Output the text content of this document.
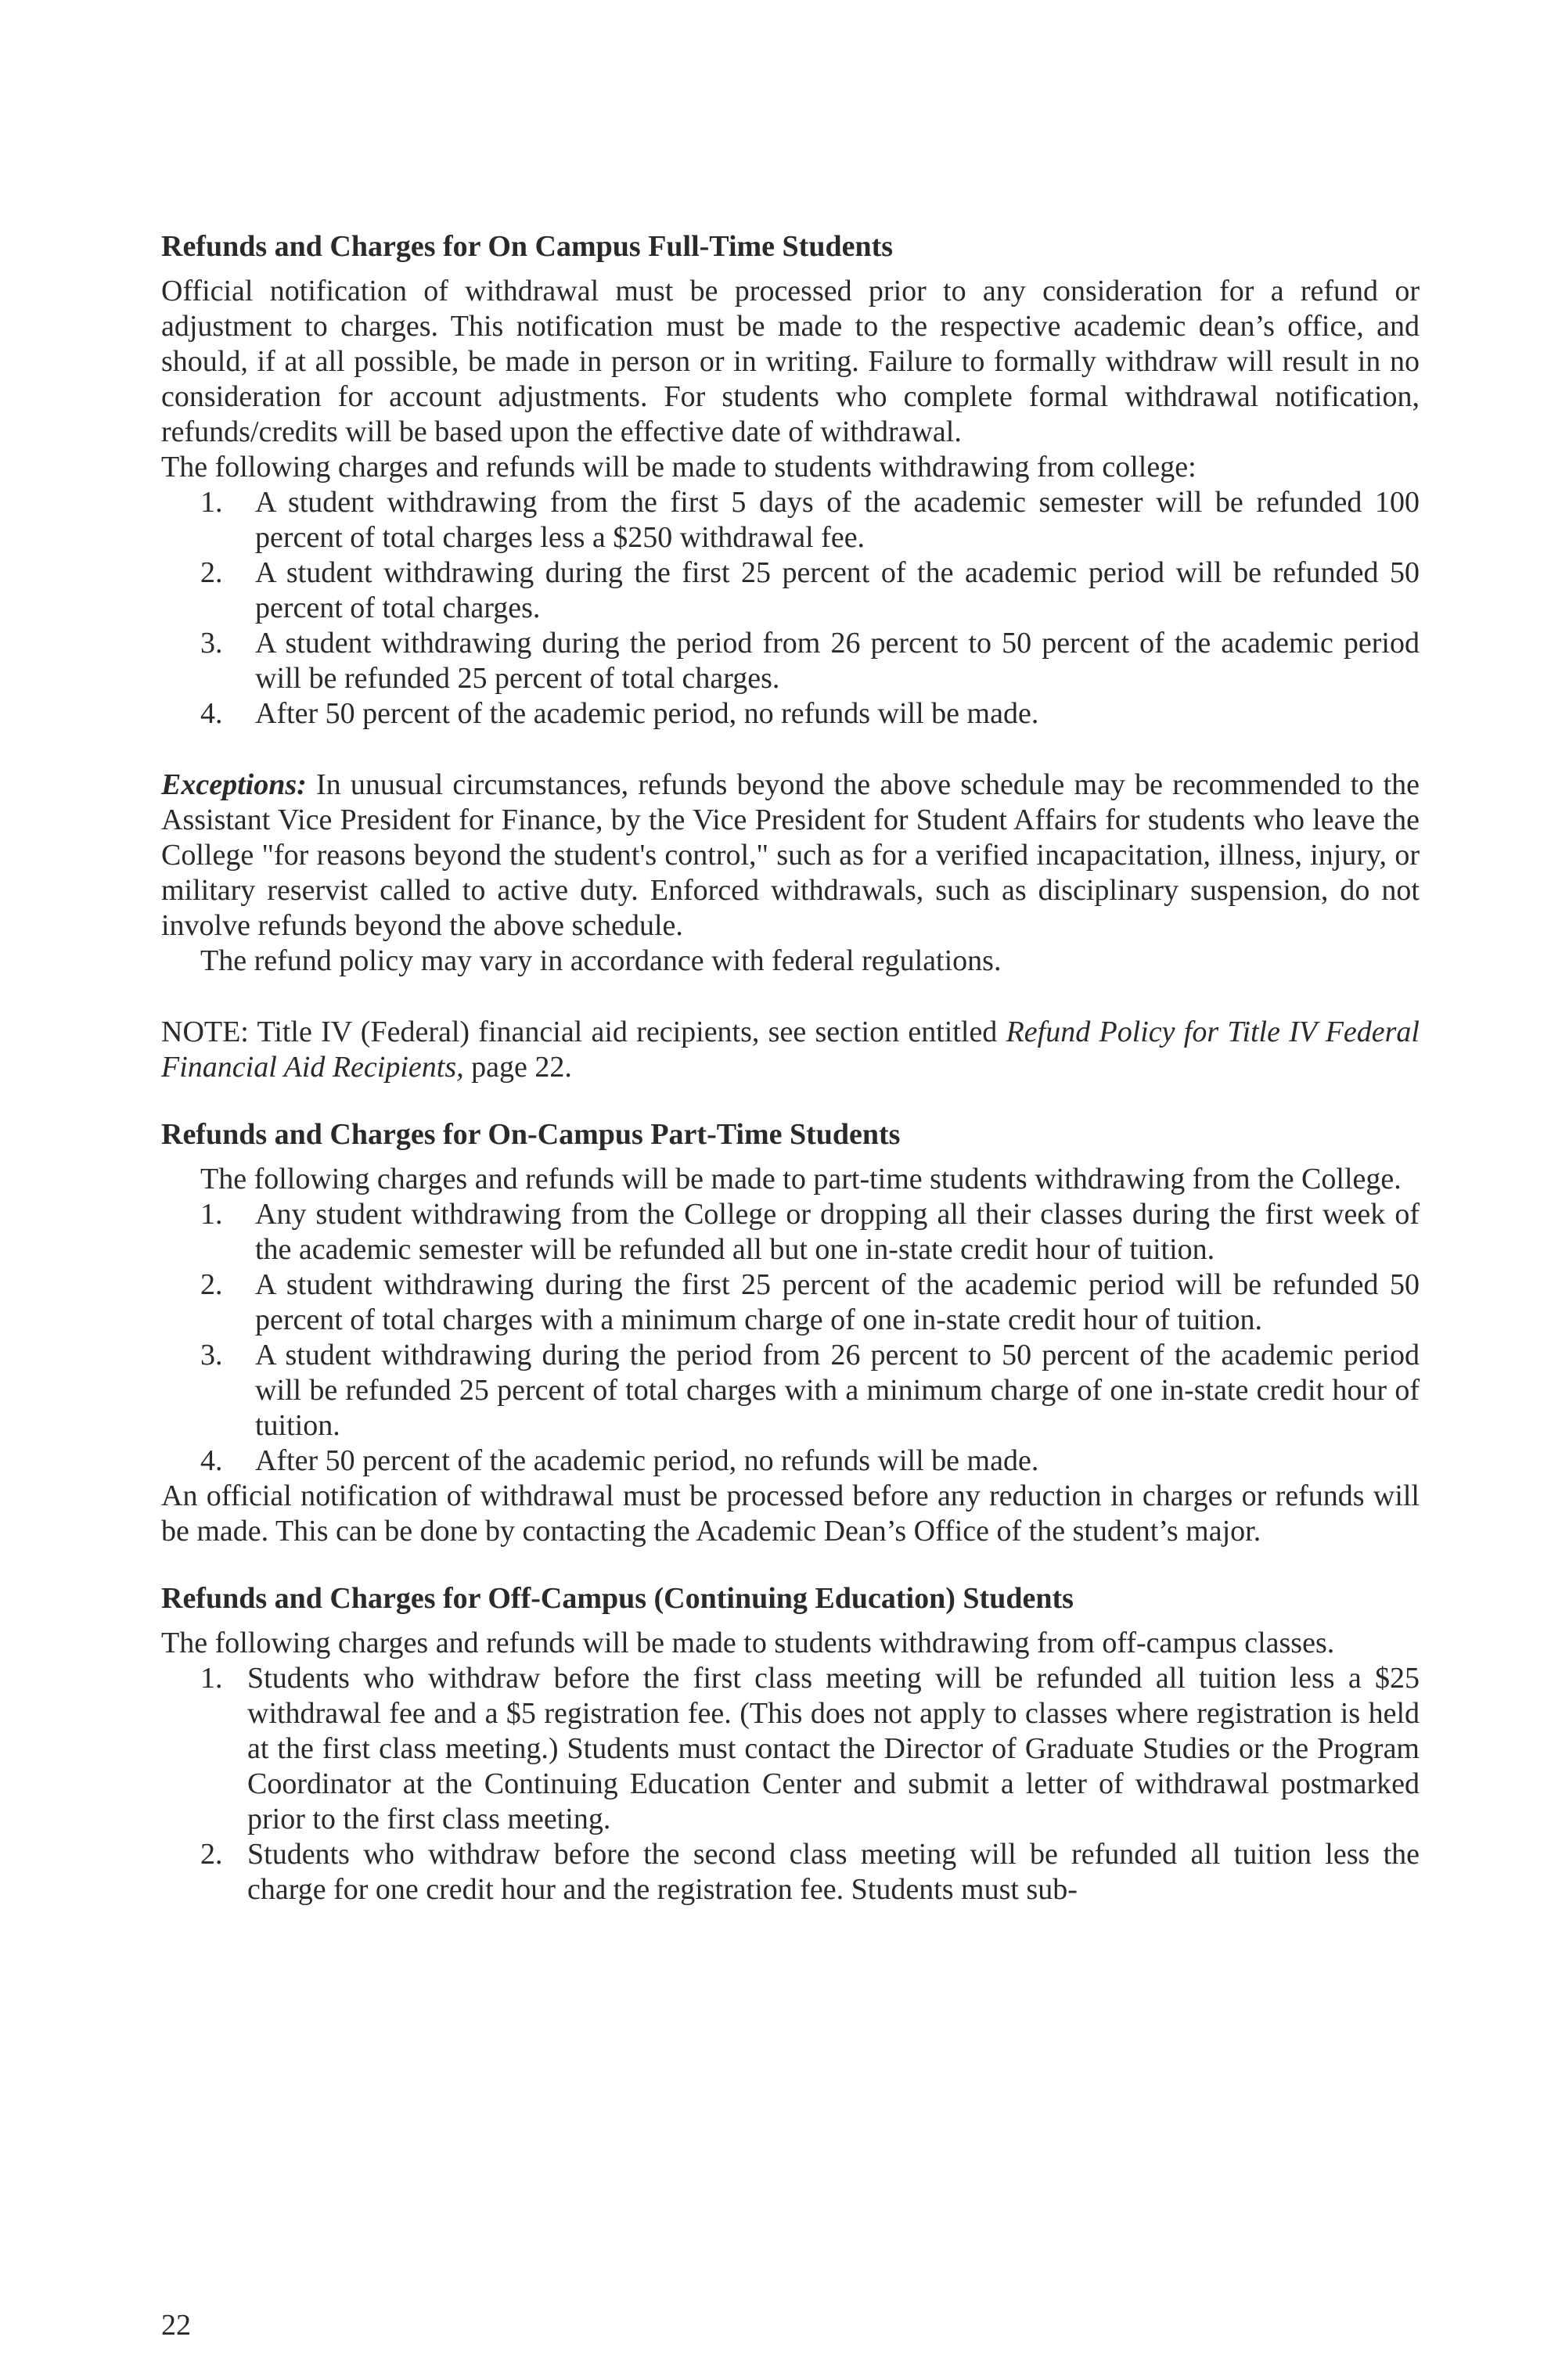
Refunds and Charges for On Campus Full-Time Students

Official notification of withdrawal must be processed prior to any consideration for a refund or adjustment to charges. This notification must be made to the respective academic dean’s office, and should, if at all possible, be made in person or in writing. Failure to formally withdraw will result in no consideration for account adjustments. For students who complete formal withdrawal notification, refunds/credits will be based upon the effective date of withdrawal.

The following charges and refunds will be made to students withdrawing from college:

1. A student withdrawing from the first 5 days of the academic semester will be refunded 100 percent of total charges less a $250 withdrawal fee.
2. A student withdrawing during the first 25 percent of the academic period will be refunded 50 percent of total charges.
3. A student withdrawing during the period from 26 percent to 50 percent of the academic period will be refunded 25 percent of total charges.
4. After 50 percent of the academic period, no refunds will be made.

Exceptions: In unusual circumstances, refunds beyond the above schedule may be recommended to the Assistant Vice President for Finance, by the Vice President for Student Affairs for students who leave the College "for reasons beyond the student's control," such as for a verified incapacitation, illness, injury, or military reservist called to active duty. Enforced withdrawals, such as disciplinary suspension, do not involve refunds beyond the above schedule.

The refund policy may vary in accordance with federal regulations.

NOTE: Title IV (Federal) financial aid recipients, see section entitled Refund Policy for Title IV Federal Financial Aid Recipients, page 22.

Refunds and Charges for On-Campus Part-Time Students

The following charges and refunds will be made to part-time students withdrawing from the College.

1. Any student withdrawing from the College or dropping all their classes during the first week of the academic semester will be refunded all but one in-state credit hour of tuition.
2. A student withdrawing during the first 25 percent of the academic period will be refunded 50 percent of total charges with a minimum charge of one in-state credit hour of tuition.
3. A student withdrawing during the period from 26 percent to 50 percent of the academic period will be refunded 25 percent of total charges with a minimum charge of one in-state credit hour of tuition.
4. After 50 percent of the academic period, no refunds will be made.

An official notification of withdrawal must be processed before any reduction in charges or refunds will be made. This can be done by contacting the Academic Dean’s Office of the student’s major.

Refunds and Charges for Off-Campus (Continuing Education) Students

The following charges and refunds will be made to students withdrawing from off-campus classes.

1. Students who withdraw before the first class meeting will be refunded all tuition less a $25 withdrawal fee and a $5 registration fee. (This does not apply to classes where registration is held at the first class meeting.) Students must contact the Director of Graduate Studies or the Program Coordinator at the Continuing Education Center and submit a letter of withdrawal postmarked prior to the first class meeting.
2. Students who withdraw before the second class meeting will be refunded all tuition less the charge for one credit hour and the registration fee. Students must sub-
22
